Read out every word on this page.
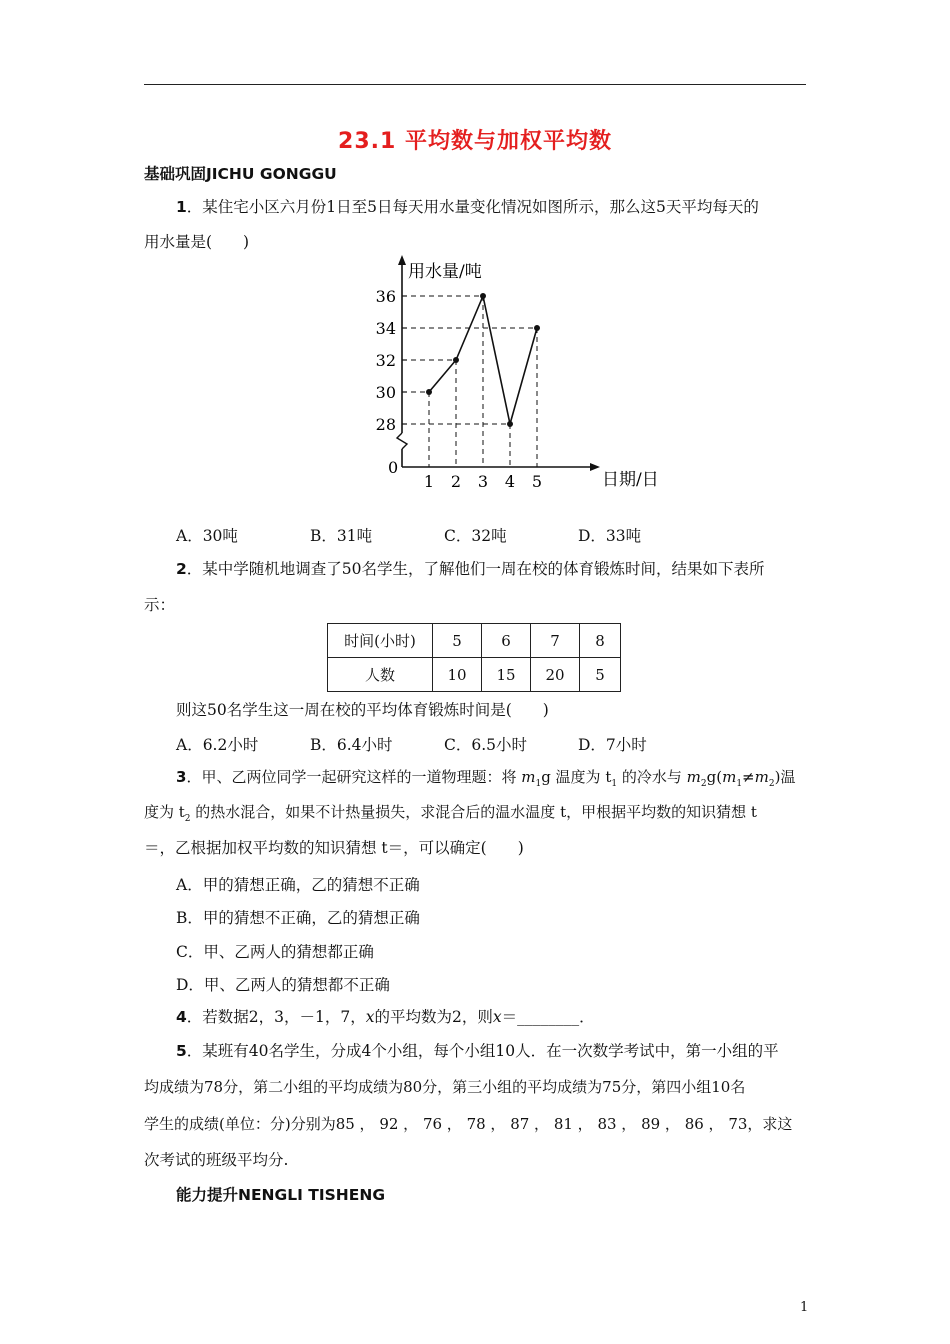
23.1 平均数与加权平均数
基础巩固JICHU GONGGU
1．某住宅小区六月份1日至5日每天用水量变化情况如图所示，那么这5天平均每天的
用水量是(　　)
用水量/吨
日期/日
0
28
30
32
34
36
1 2 3 4 5
A．30吨	B．31吨	C．32吨	D．33吨
2．某中学随机地调查了50名学生，了解他们一周在校的体育锻炼时间，结果如下表所
示：
时间(小时)	5	6	7	8
人数	10	15	20	5
则这50名学生这一周在校的平均体育锻炼时间是(　　)
A．6.2小时	B．6.4小时	C．6.5小时	D．7小时
3．甲、乙两位同学一起研究这样的一道物理题：将 $m_1g$ 温度为 $t_1$ 的冷水与 $m_2g(m_1\ne m_2)$温
度为 $t_2$ 的热水混合，如果不计热量损失，求混合后的温水温度 t，甲根据平均数的知识猜想 t
＝，乙根据加权平均数的知识猜想 t＝，可以确定(　　)
A．甲的猜想正确，乙的猜想不正确
B．甲的猜想不正确，乙的猜想正确
C．甲、乙两人的猜想都正确
D．甲、乙两人的猜想都不正确
4．若数据2，3，－1，7，x的平均数为2，则x＝________．
5．某班有40名学生，分成4个小组，每个小组10人．在一次数学考试中，第一小组的平
均成绩为78分，第二小组的平均成绩为80分，第三小组的平均成绩为75分，第四小组10名
学生的成绩(单位：分)分别为85 ， 92 ， 76 ， 78 ， 87 ， 81 ， 83 ， 89 ， 86 ， 73，求这
次考试的班级平均分.
能力提升NENGLI TISHENG
1
